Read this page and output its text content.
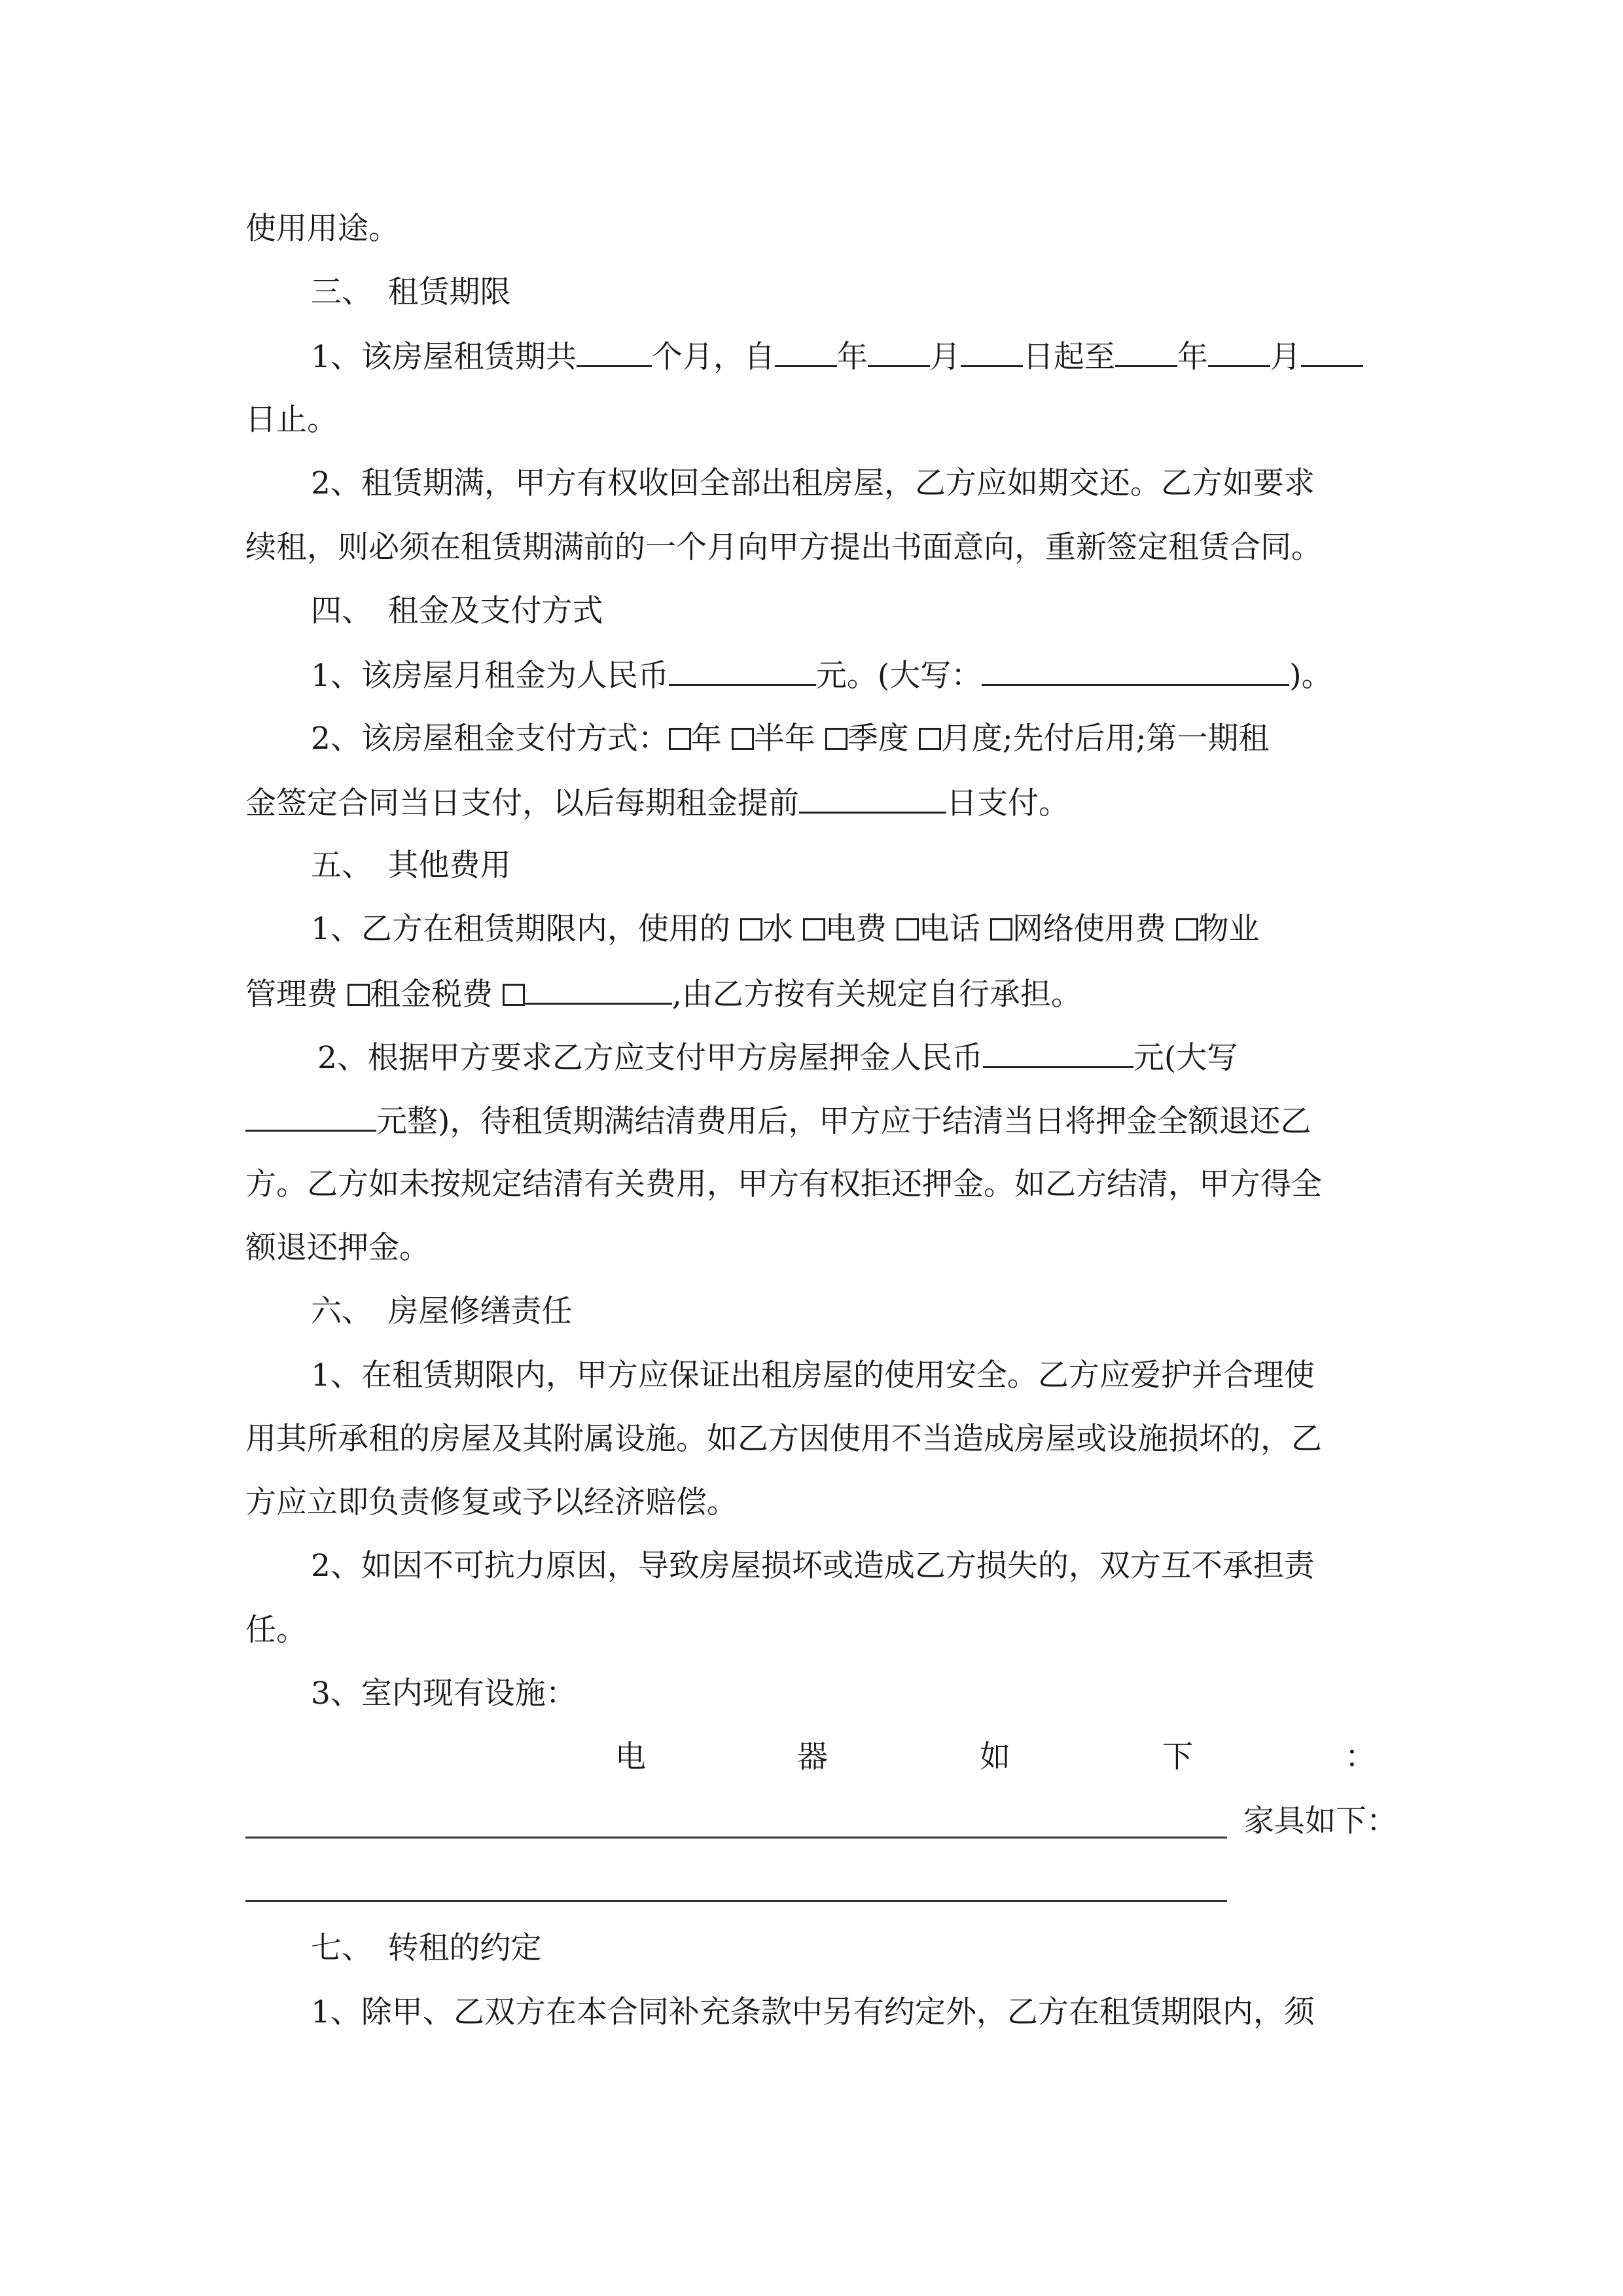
使用用途。
三、　租赁期限
1、该房屋租赁期共 个月，自 年 月 日起至 年 月
日止。
2、租赁期满，甲方有权收回全部出租房屋，乙方应如期交还。乙方如要求
续租，则必须在租赁期满前的一个月向甲方提出书面意向，重新签定租赁合同。
四、　租金及支付方式
1、该房屋月租金为人民币	元。(大写：	)。
2、该房屋租金支付方式： 年 半年 季度 月度;先付后用;第一期租
金签定合同当日支付，以后每期租金提前	日支付。
五、　其他费用
1、乙方在租赁期限内，使用的 水 电费 电话 网络使用费 物业
管理费 租金税费	,由乙方按有关规定自行承担。
2、根据甲方要求乙方应支付甲方房屋押金人民币	元(大写
元整)，待租赁期满结清费用后，甲方应于结清当日将押金全额退还乙
方。乙方如未按规定结清有关费用，甲方有权拒还押金。如乙方结清，甲方得全
额退还押金。
六、　房屋修缮责任
1、在租赁期限内，甲方应保证出租房屋的使用安全。乙方应爱护并合理使
用其所承租的房屋及其附属设施。如乙方因使用不当造成房屋或设施损坏的，乙
方应立即负责修复或予以经济赔偿。
2、如因不可抗力原因，导致房屋损坏或造成乙方损失的，双方互不承担责
任。
3、室内现有设施：
电	器	如	下	：
家具如下：
七、　转租的约定
1、除甲、乙双方在本合同补充条款中另有约定外，乙方在租赁期限内，须
